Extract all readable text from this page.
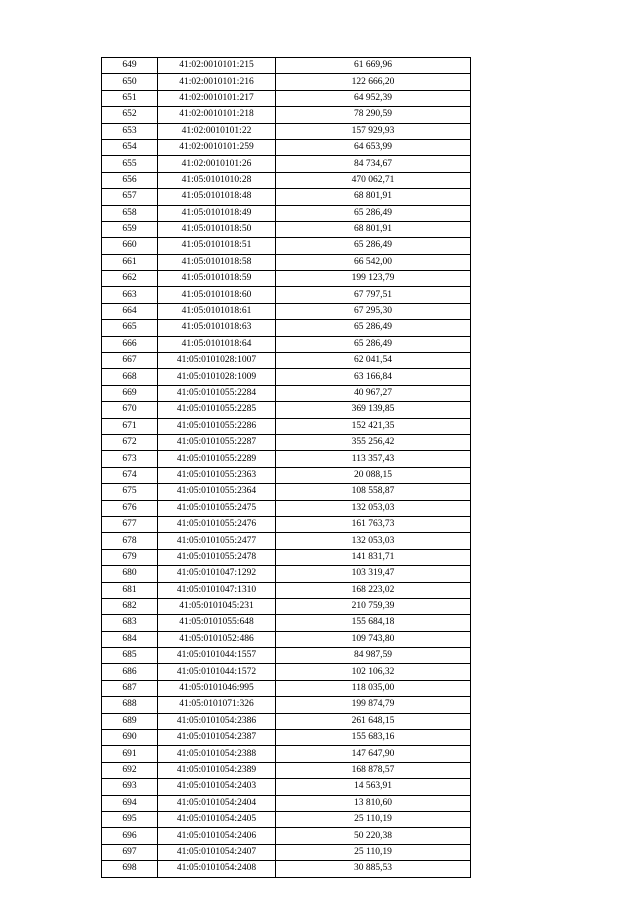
649	41:02:0010101:215	61 669,96
650	41:02:0010101:216	122 666,20
651	41:02:0010101:217	64 952,39
652	41:02:0010101:218	78 290,59
653	41:02:0010101:22	157 929,93
654	41:02:0010101:259	64 653,99
655	41:02:0010101:26	84 734,67
656	41:05:0101010:28	470 062,71
657	41:05:0101018:48	68 801,91
658	41:05:0101018:49	65 286,49
659	41:05:0101018:50	68 801,91
660	41:05:0101018:51	65 286,49
661	41:05:0101018:58	66 542,00
662	41:05:0101018:59	199 123,79
663	41:05:0101018:60	67 797,51
664	41:05:0101018:61	67 295,30
665	41:05:0101018:63	65 286,49
666	41:05:0101018:64	65 286,49
667	41:05:0101028:1007	62 041,54
668	41:05:0101028:1009	63 166,84
669	41:05:0101055:2284	40 967,27
670	41:05:0101055:2285	369 139,85
671	41:05:0101055:2286	152 421,35
672	41:05:0101055:2287	355 256,42
673	41:05:0101055:2289	113 357,43
674	41:05:0101055:2363	20 088,15
675	41:05:0101055:2364	108 558,87
676	41:05:0101055:2475	132 053,03
677	41:05:0101055:2476	161 763,73
678	41:05:0101055:2477	132 053,03
679	41:05:0101055:2478	141 831,71
680	41:05:0101047:1292	103 319,47
681	41:05:0101047:1310	168 223,02
682	41:05:0101045:231	210 759,39
683	41:05:0101055:648	155 684,18
684	41:05:0101052:486	109 743,80
685	41:05:0101044:1557	84 987,59
686	41:05:0101044:1572	102 106,32
687	41:05:0101046:995	118 035,00
688	41:05:0101071:326	199 874,79
689	41:05:0101054:2386	261 648,15
690	41:05:0101054:2387	155 683,16
691	41:05:0101054:2388	147 647,90
692	41:05:0101054:2389	168 878,57
693	41:05:0101054:2403	14 563,91
694	41:05:0101054:2404	13 810,60
695	41:05:0101054:2405	25 110,19
696	41:05:0101054:2406	50 220,38
697	41:05:0101054:2407	25 110,19
698	41:05:0101054:2408	30 885,53
